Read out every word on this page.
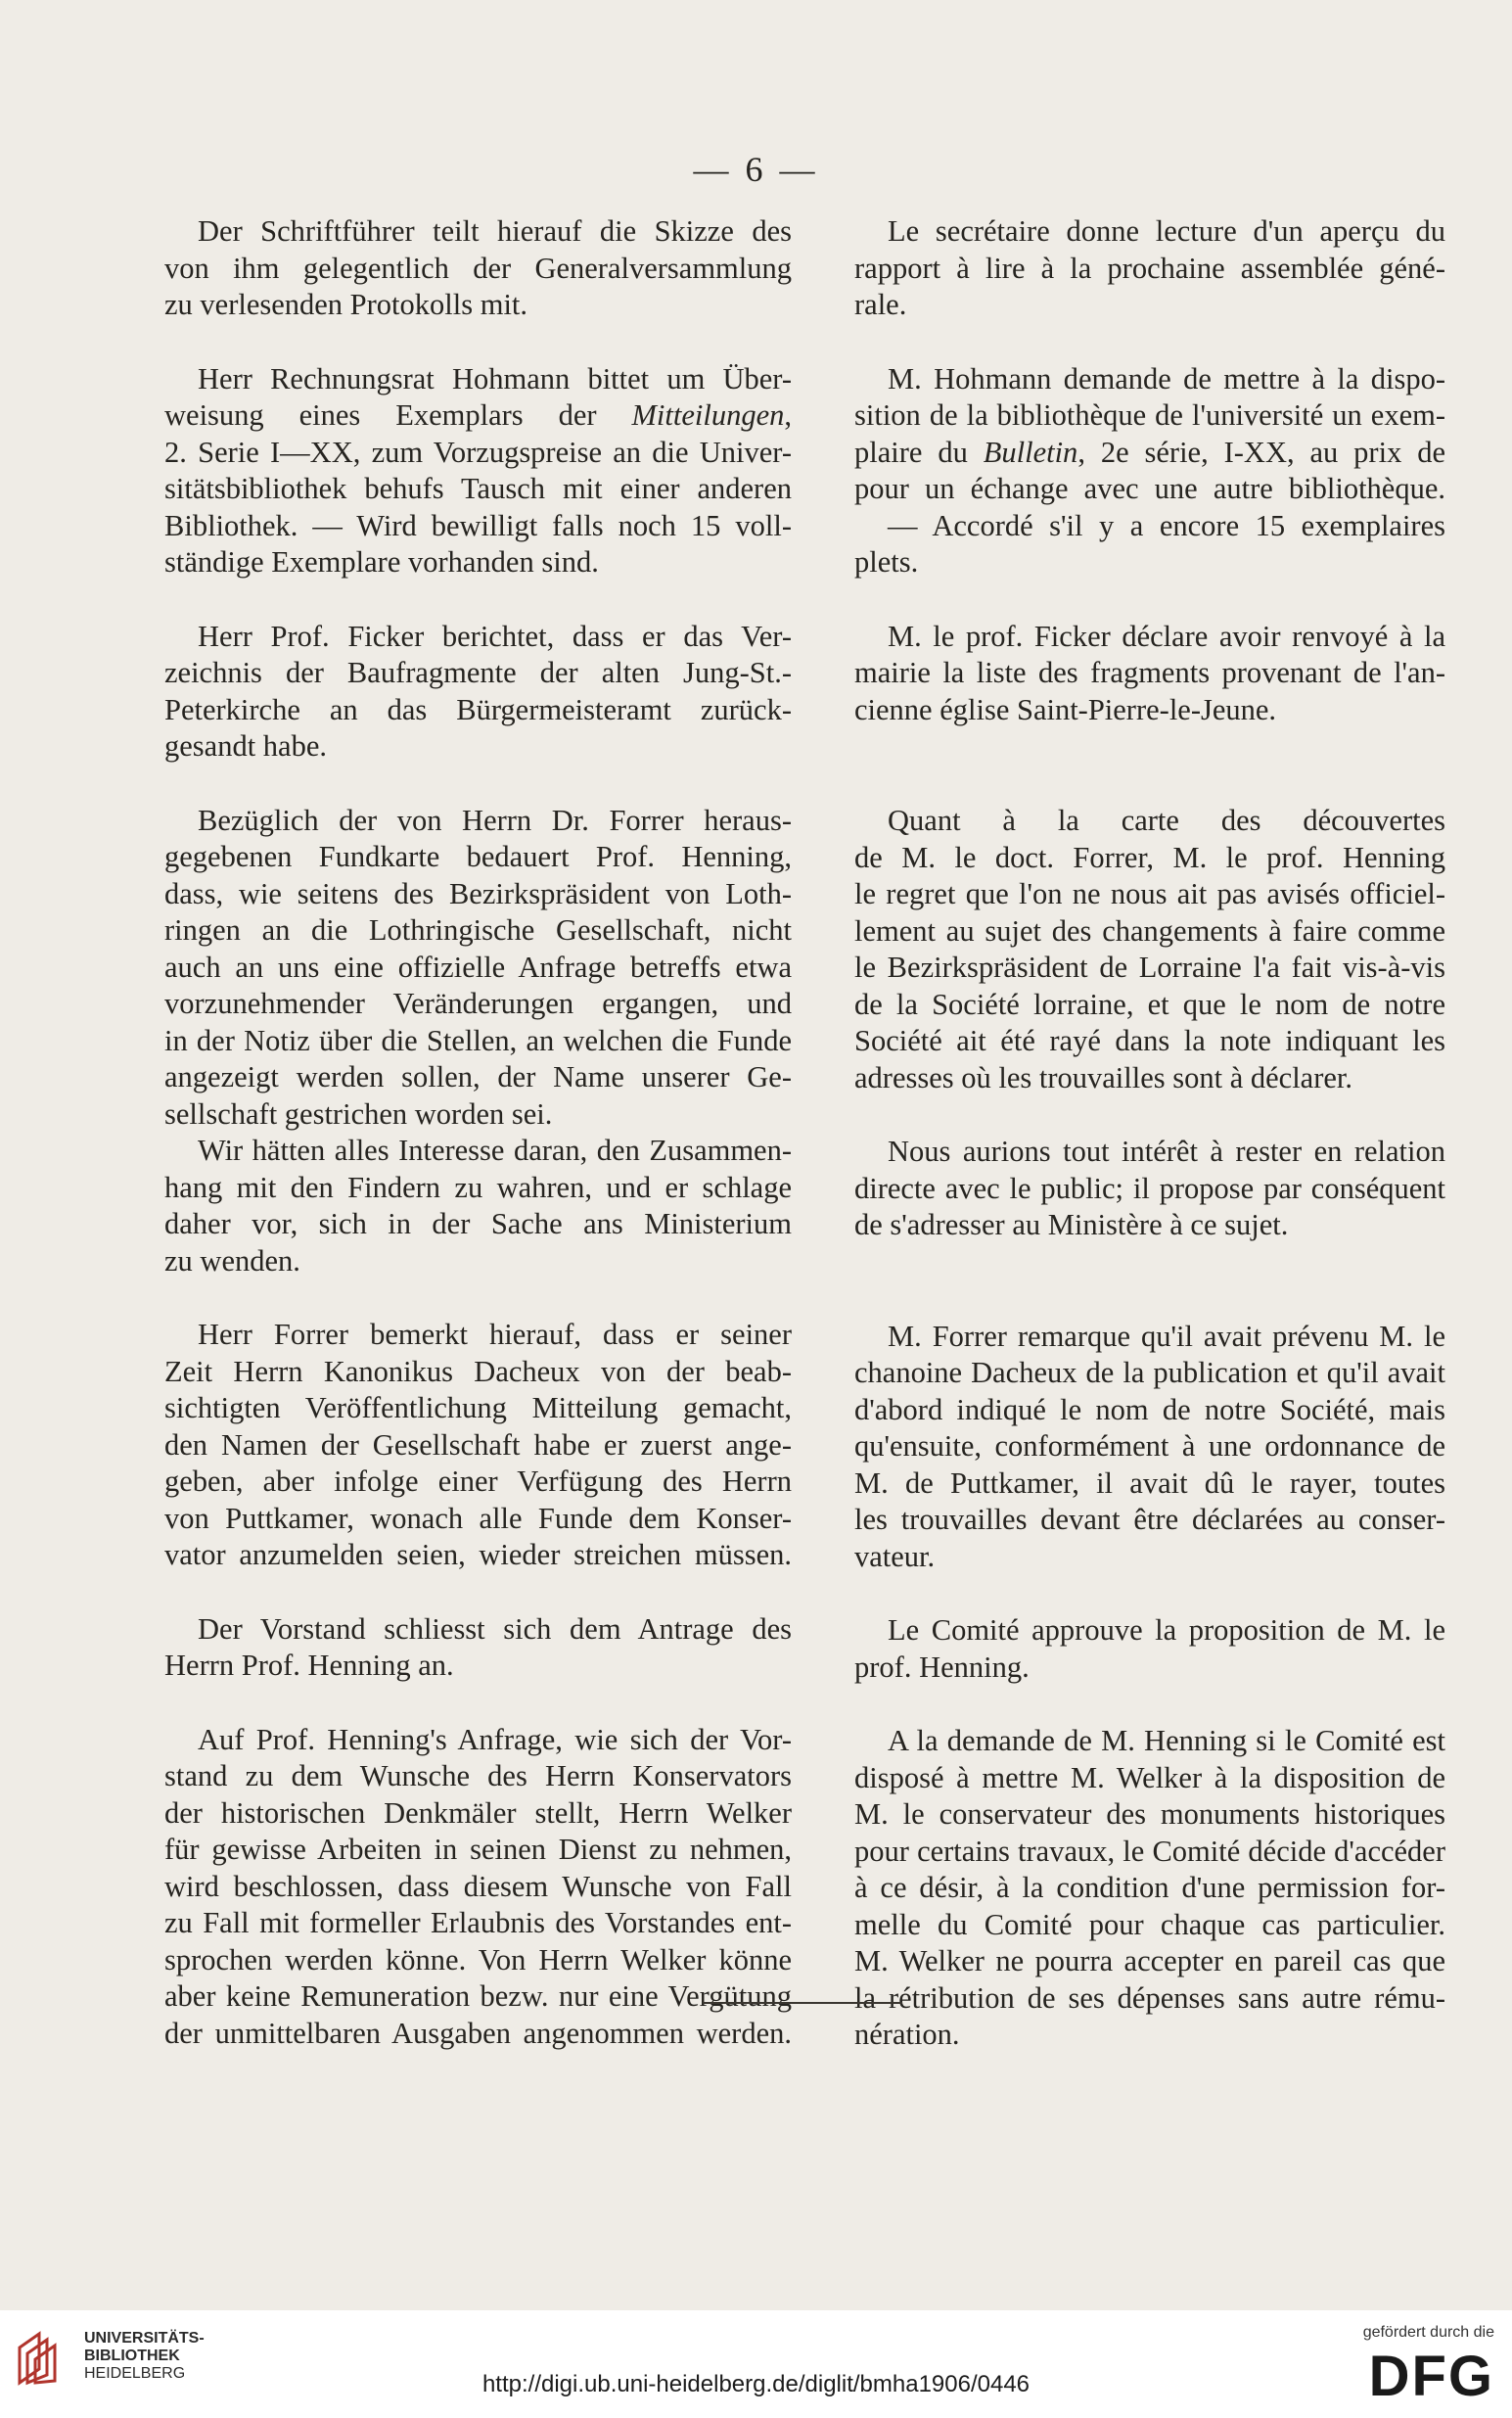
— 6 —
Der Schriftführer teilt hierauf die Skizze des
von ihm gelegentlich der Generalversammlung
zu verlesenden Protokolls mit.
Herr Rechnungsrat Hohmann bittet um Über-
weisung eines Exemplars der Mitteilungen,
2. Serie I—XX, zum Vorzugspreise an die Univer-
sitätsbibliothek behufs Tausch mit einer anderen
Bibliothek. — Wird bewilligt falls noch 15 voll-
ständige Exemplare vorhanden sind.
Herr Prof. Ficker berichtet, dass er das Ver-
zeichnis der Baufragmente der alten Jung-St.-
Peterkirche an das Bürgermeisteramt zurück-
gesandt habe.
Bezüglich der von Herrn Dr. Forrer heraus-
gegebenen Fundkarte bedauert Prof. Henning,
dass, wie seitens des Bezirkspräsident von Loth-
ringen an die Lothringische Gesellschaft, nicht
auch an uns eine offizielle Anfrage betreffs etwa
vorzunehmender Veränderungen ergangen, und
in der Notiz über die Stellen, an welchen die Funde
angezeigt werden sollen, der Name unserer Ge-
sellschaft gestrichen worden sei.
Wir hätten alles Interesse daran, den Zusammen-
hang mit den Findern zu wahren, und er schlage
daher vor, sich in der Sache ans Ministerium
zu wenden.
Herr Forrer bemerkt hierauf, dass er seiner
Zeit Herrn Kanonikus Dacheux von der beab-
sichtigten Veröffentlichung Mitteilung gemacht,
den Namen der Gesellschaft habe er zuerst ange-
geben, aber infolge einer Verfügung des Herrn
von Puttkamer, wonach alle Funde dem Konser-
vator anzumelden seien, wieder streichen müssen.
Der Vorstand schliesst sich dem Antrage des
Herrn Prof. Henning an.
Auf Prof. Henning's Anfrage, wie sich der Vor-
stand zu dem Wunsche des Herrn Konservators
der historischen Denkmäler stellt, Herrn Welker
für gewisse Arbeiten in seinen Dienst zu nehmen,
wird beschlossen, dass diesem Wunsche von Fall
zu Fall mit formeller Erlaubnis des Vorstandes ent-
sprochen werden könne. Von Herrn Welker könne
aber keine Remuneration bezw. nur eine Vergütung
der unmittelbaren Ausgaben angenommen werden.
Le secrétaire donne lecture d'un aperçu du
rapport à lire à la prochaine assemblée géné-
rale.
M. Hohmann demande de mettre à la dispo-
sition de la bibliothèque de l'université un exem-
plaire du Bulletin, 2e série, I-XX, au prix de
pour un échange avec une autre bibliothèque.
— Accordé s'il y a encore 15 exemplaires
plets.
M. le prof. Ficker déclare avoir renvoyé à la
mairie la liste des fragments provenant de l'an-
cienne église Saint-Pierre-le-Jeune.
Quant à la carte des découvertes
de M. le doct. Forrer, M. le prof. Henning
le regret que l'on ne nous ait pas avisés officiel-
lement au sujet des changements à faire comme
le Bezirkspräsident de Lorraine l'a fait vis-à-vis
de la Société lorraine, et que le nom de notre
Société ait été rayé dans la note indiquant les
adresses où les trouvailles sont à déclarer.
Nous aurions tout intérêt à rester en relation
directe avec le public; il propose par conséquent
de s'adresser au Ministère à ce sujet.
M. Forrer remarque qu'il avait prévenu M. le
chanoine Dacheux de la publication et qu'il avait
d'abord indiqué le nom de notre Société, mais
qu'ensuite, conformément à une ordonnance de
M. de Puttkamer, il avait dû le rayer, toutes
les trouvailles devant être déclarées au conser-
vateur.
Le Comité approuve la proposition de M. le
prof. Henning.
A la demande de M. Henning si le Comité est
disposé à mettre M. Welker à la disposition de
M. le conservateur des monuments historiques
pour certains travaux, le Comité décide d'accéder
à ce désir, à la condition d'une permission for-
melle du Comité pour chaque cas particulier.
M. Welker ne pourra accepter en pareil cas que
la rétribution de ses dépenses sans autre rému-
nération.
UNIVERSITÄTS-
BIBLIOTHEK
HEIDELBERG	http://digi.ub.uni-heidelberg.de/diglit/bmha1906/0446
gefördert durch die
DFG
